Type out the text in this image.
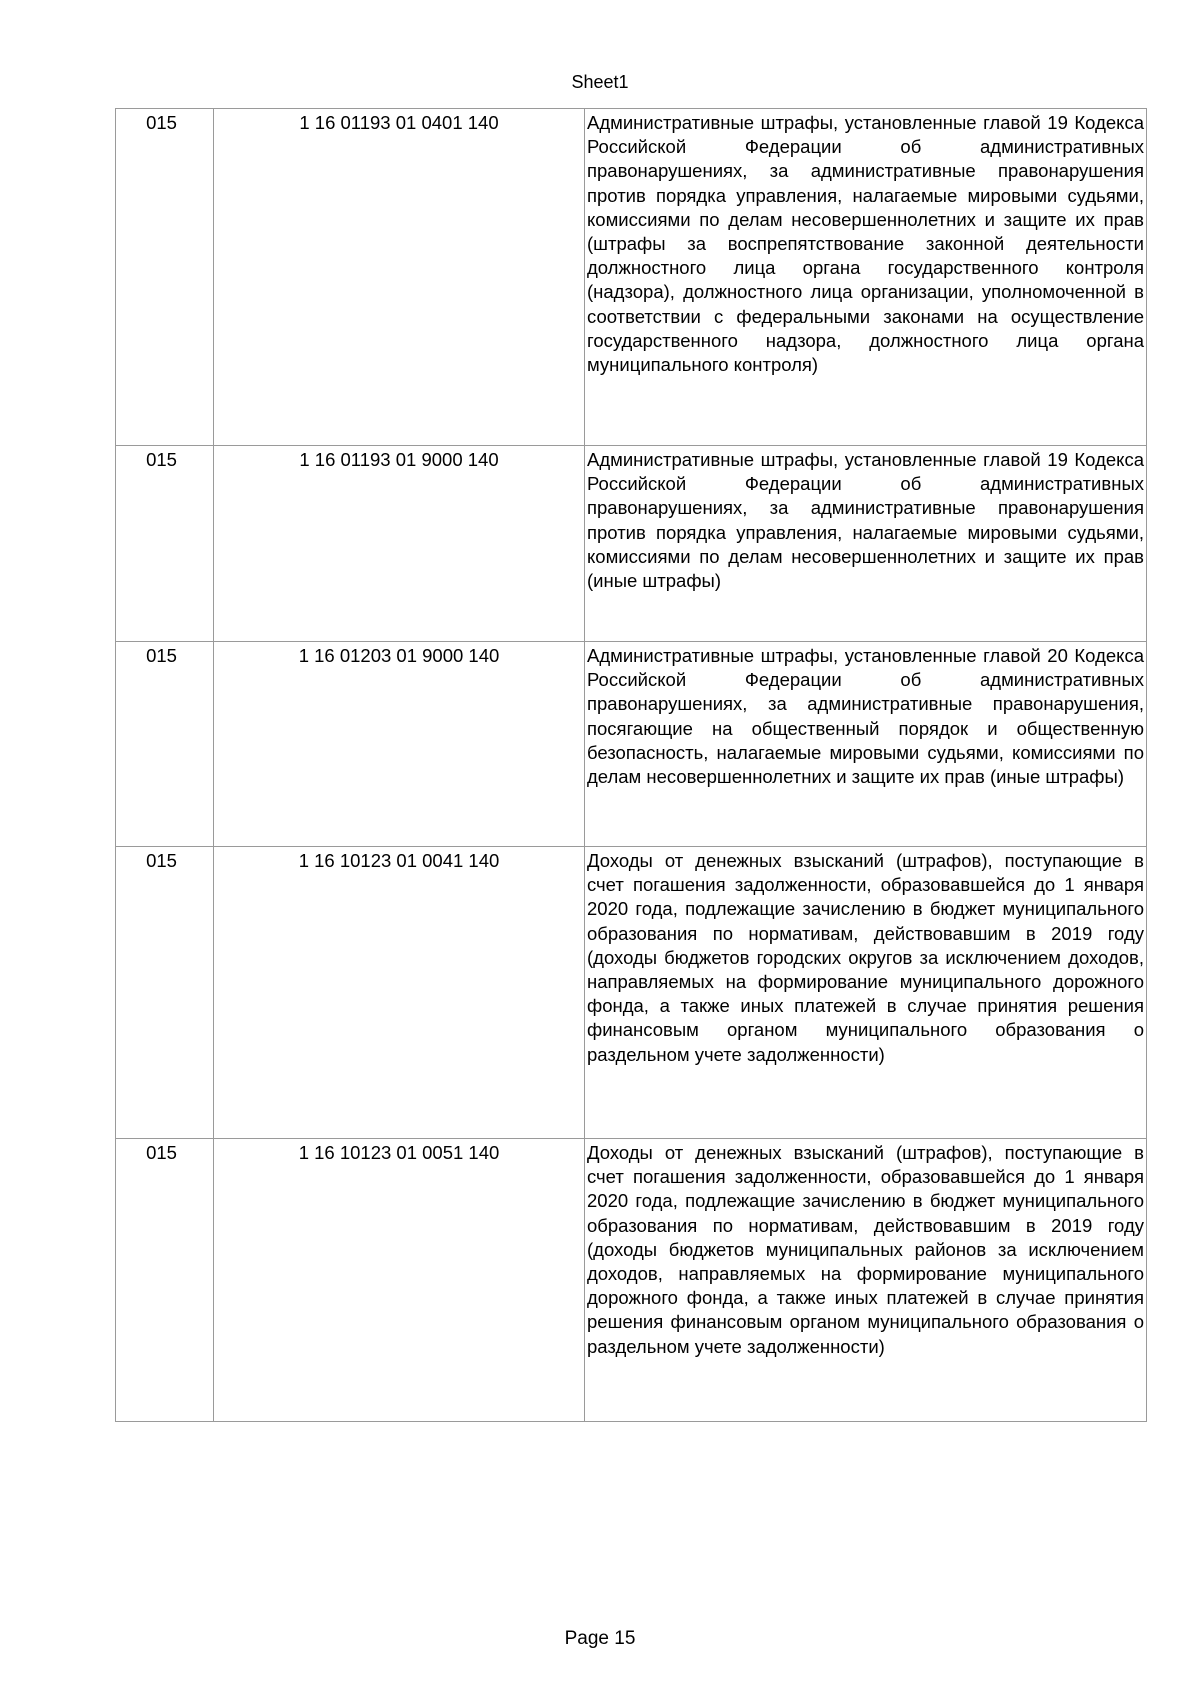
Sheet1
015	1 16 01193 01 0401 140	Административные штрафы, установленные главой 19 Кодекса Российской Федерации об административных правонарушениях, за административные правонарушения против порядка управления, налагаемые мировыми судьями, комиссиями по делам несовершеннолетних и защите их прав (штрафы за воспрепятствование законной деятельности должностного лица органа государственного контроля (надзора), должностного лица организации, уполномоченной в соответствии с федеральными законами на осуществление государственного надзора, должностного лица органа муниципального контроля)
015	1 16 01193 01 9000 140	Административные штрафы, установленные главой 19 Кодекса Российской Федерации об административных правонарушениях, за административные правонарушения против порядка управления, налагаемые мировыми судьями, комиссиями по делам несовершеннолетних и защите их прав (иные штрафы)
015	1 16 01203 01 9000 140	Административные штрафы, установленные главой 20 Кодекса Российской Федерации об административных правонарушениях, за административные правонарушения, посягающие на общественный порядок и общественную безопасность, налагаемые мировыми судьями, комиссиями по делам несовершеннолетних и защите их прав (иные штрафы)
015	1 16 10123 01 0041 140	Доходы от денежных взысканий (штрафов), поступающие в счет погашения задолженности, образовавшейся до 1 января 2020 года, подлежащие зачислению в бюджет муниципального образования по нормативам, действовавшим в 2019 году (доходы бюджетов городских округов за исключением доходов, направляемых на формирование муниципального дорожного фонда, а также иных платежей в случае принятия решения финансовым органом муниципального образования о раздельном учете задолженности)
015	1 16 10123 01 0051 140	Доходы от денежных взысканий (штрафов), поступающие в счет погашения задолженности, образовавшейся до 1 января 2020 года, подлежащие зачислению в бюджет муниципального образования по нормативам, действовавшим в 2019 году (доходы бюджетов муниципальных районов за исключением доходов, направляемых на формирование муниципального дорожного фонда, а также иных платежей в случае принятия решения финансовым органом муниципального образования о раздельном учете задолженности)
Page 15
